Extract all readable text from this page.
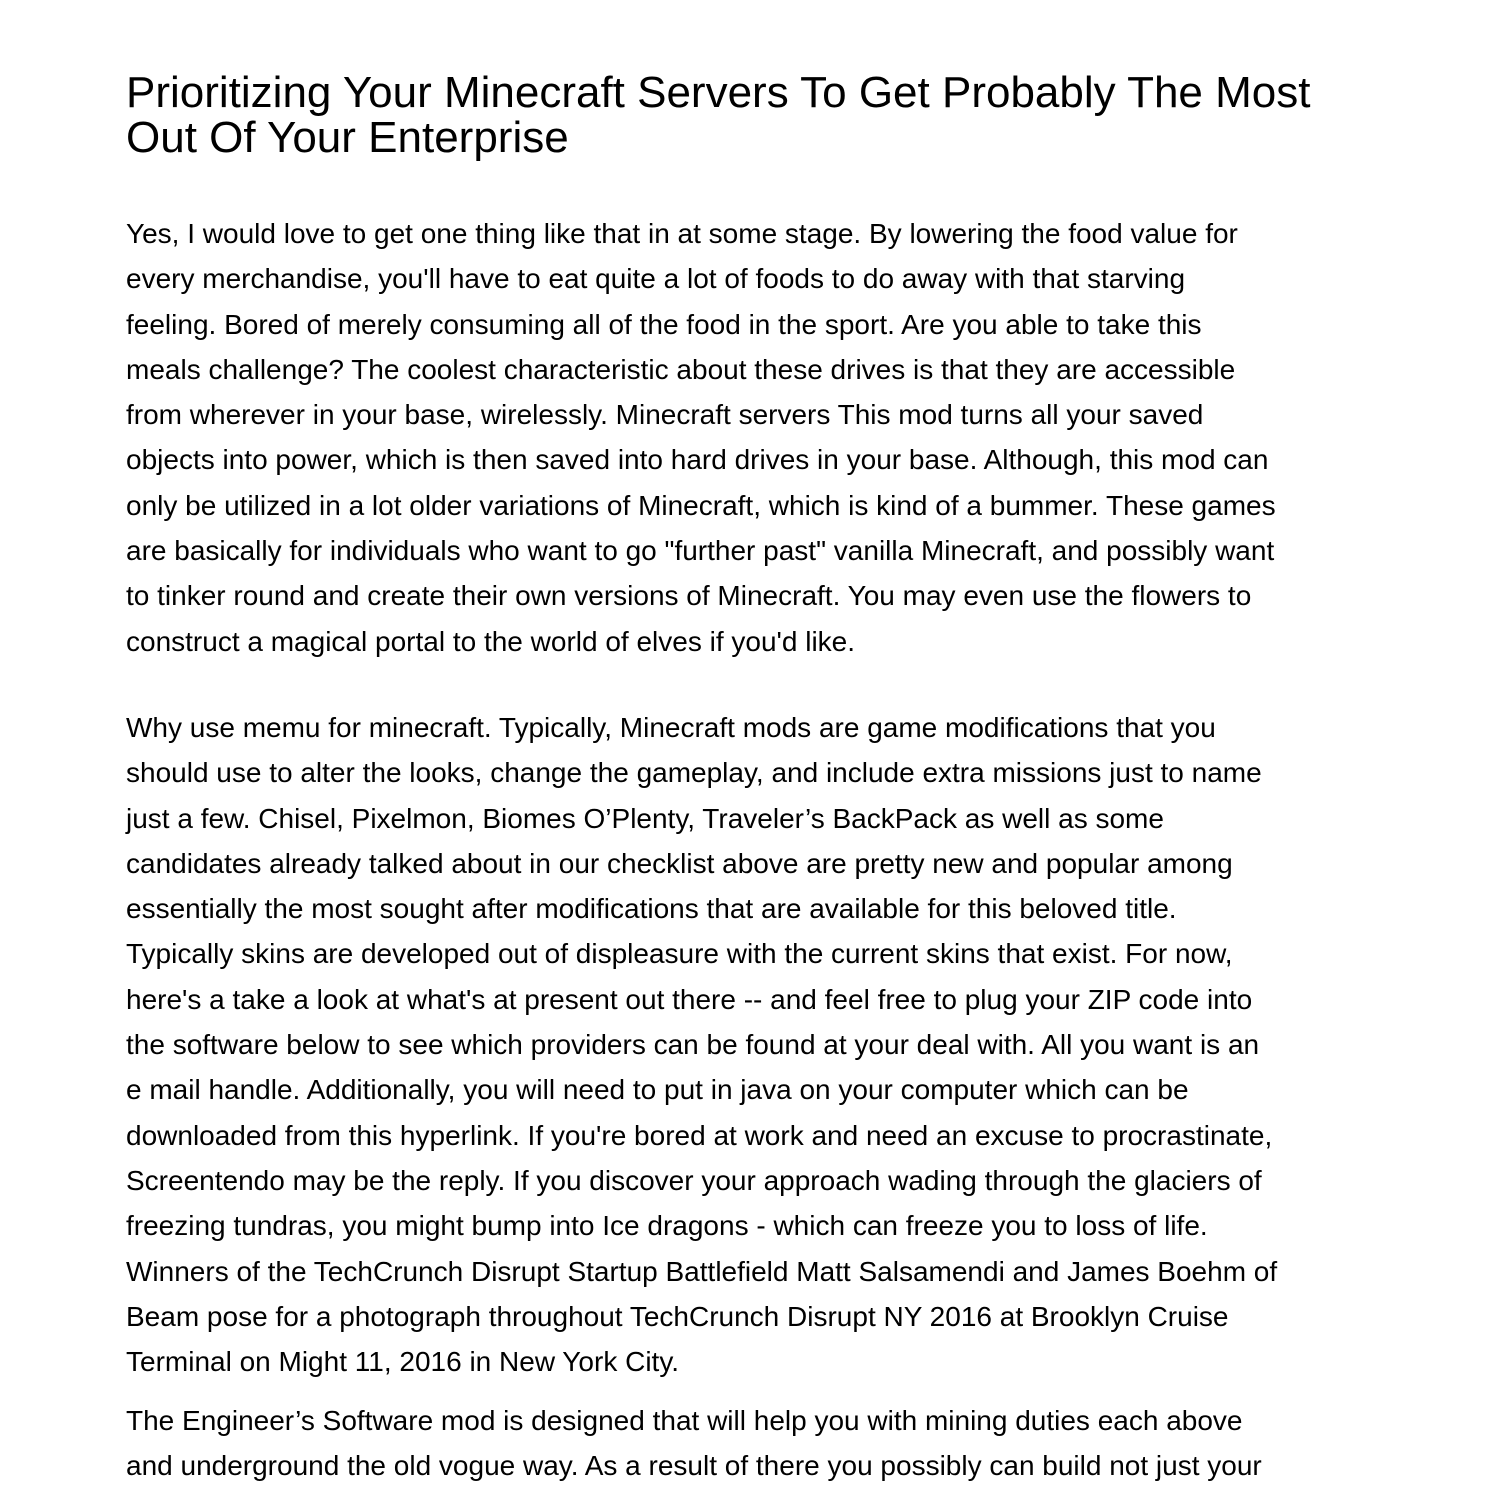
Prioritizing Your Minecraft Servers To Get Probably The Most
Out Of Your Enterprise
Yes, I would love to get one thing like that in at some stage. By lowering the food value for
every merchandise, you'll have to eat quite a lot of foods to do away with that starving
feeling. Bored of merely consuming all of the food in the sport. Are you able to take this
meals challenge? The coolest characteristic about these drives is that they are accessible
from wherever in your base, wirelessly. Minecraft servers This mod turns all your saved
objects into power, which is then saved into hard drives in your base. Although, this mod can
only be utilized in a lot older variations of Minecraft, which is kind of a bummer. These games
are basically for individuals who want to go "further past" vanilla Minecraft, and possibly want
to tinker round and create their own versions of Minecraft. You may even use the flowers to
construct a magical portal to the world of elves if you'd like.
Why use memu for minecraft. Typically, Minecraft mods are game modifications that you
should use to alter the looks, change the gameplay, and include extra missions just to name
just a few. Chisel, Pixelmon, Biomes O’Plenty, Traveler’s BackPack as well as some
candidates already talked about in our checklist above are pretty new and popular among
essentially the most sought after modifications that are available for this beloved title.
Typically skins are developed out of displeasure with the current skins that exist. For now,
here's a take a look at what's at present out there -- and feel free to plug your ZIP code into
the software below to see which providers can be found at your deal with. All you want is an
e mail handle. Additionally, you will need to put in java on your computer which can be
downloaded from this hyperlink. If you're bored at work and need an excuse to procrastinate,
Screentendo may be the reply. If you discover your approach wading through the glaciers of
freezing tundras, you might bump into Ice dragons - which can freeze you to loss of life.
Winners of the TechCrunch Disrupt Startup Battlefield Matt Salsamendi and James Boehm of
Beam pose for a photograph throughout TechCrunch Disrupt NY 2016 at Brooklyn Cruise
Terminal on Might 11, 2016 in New York City.
The Engineer’s Software mod is designed that will help you with mining duties each above
and underground the old vogue way. As a result of there you possibly can build not just your
